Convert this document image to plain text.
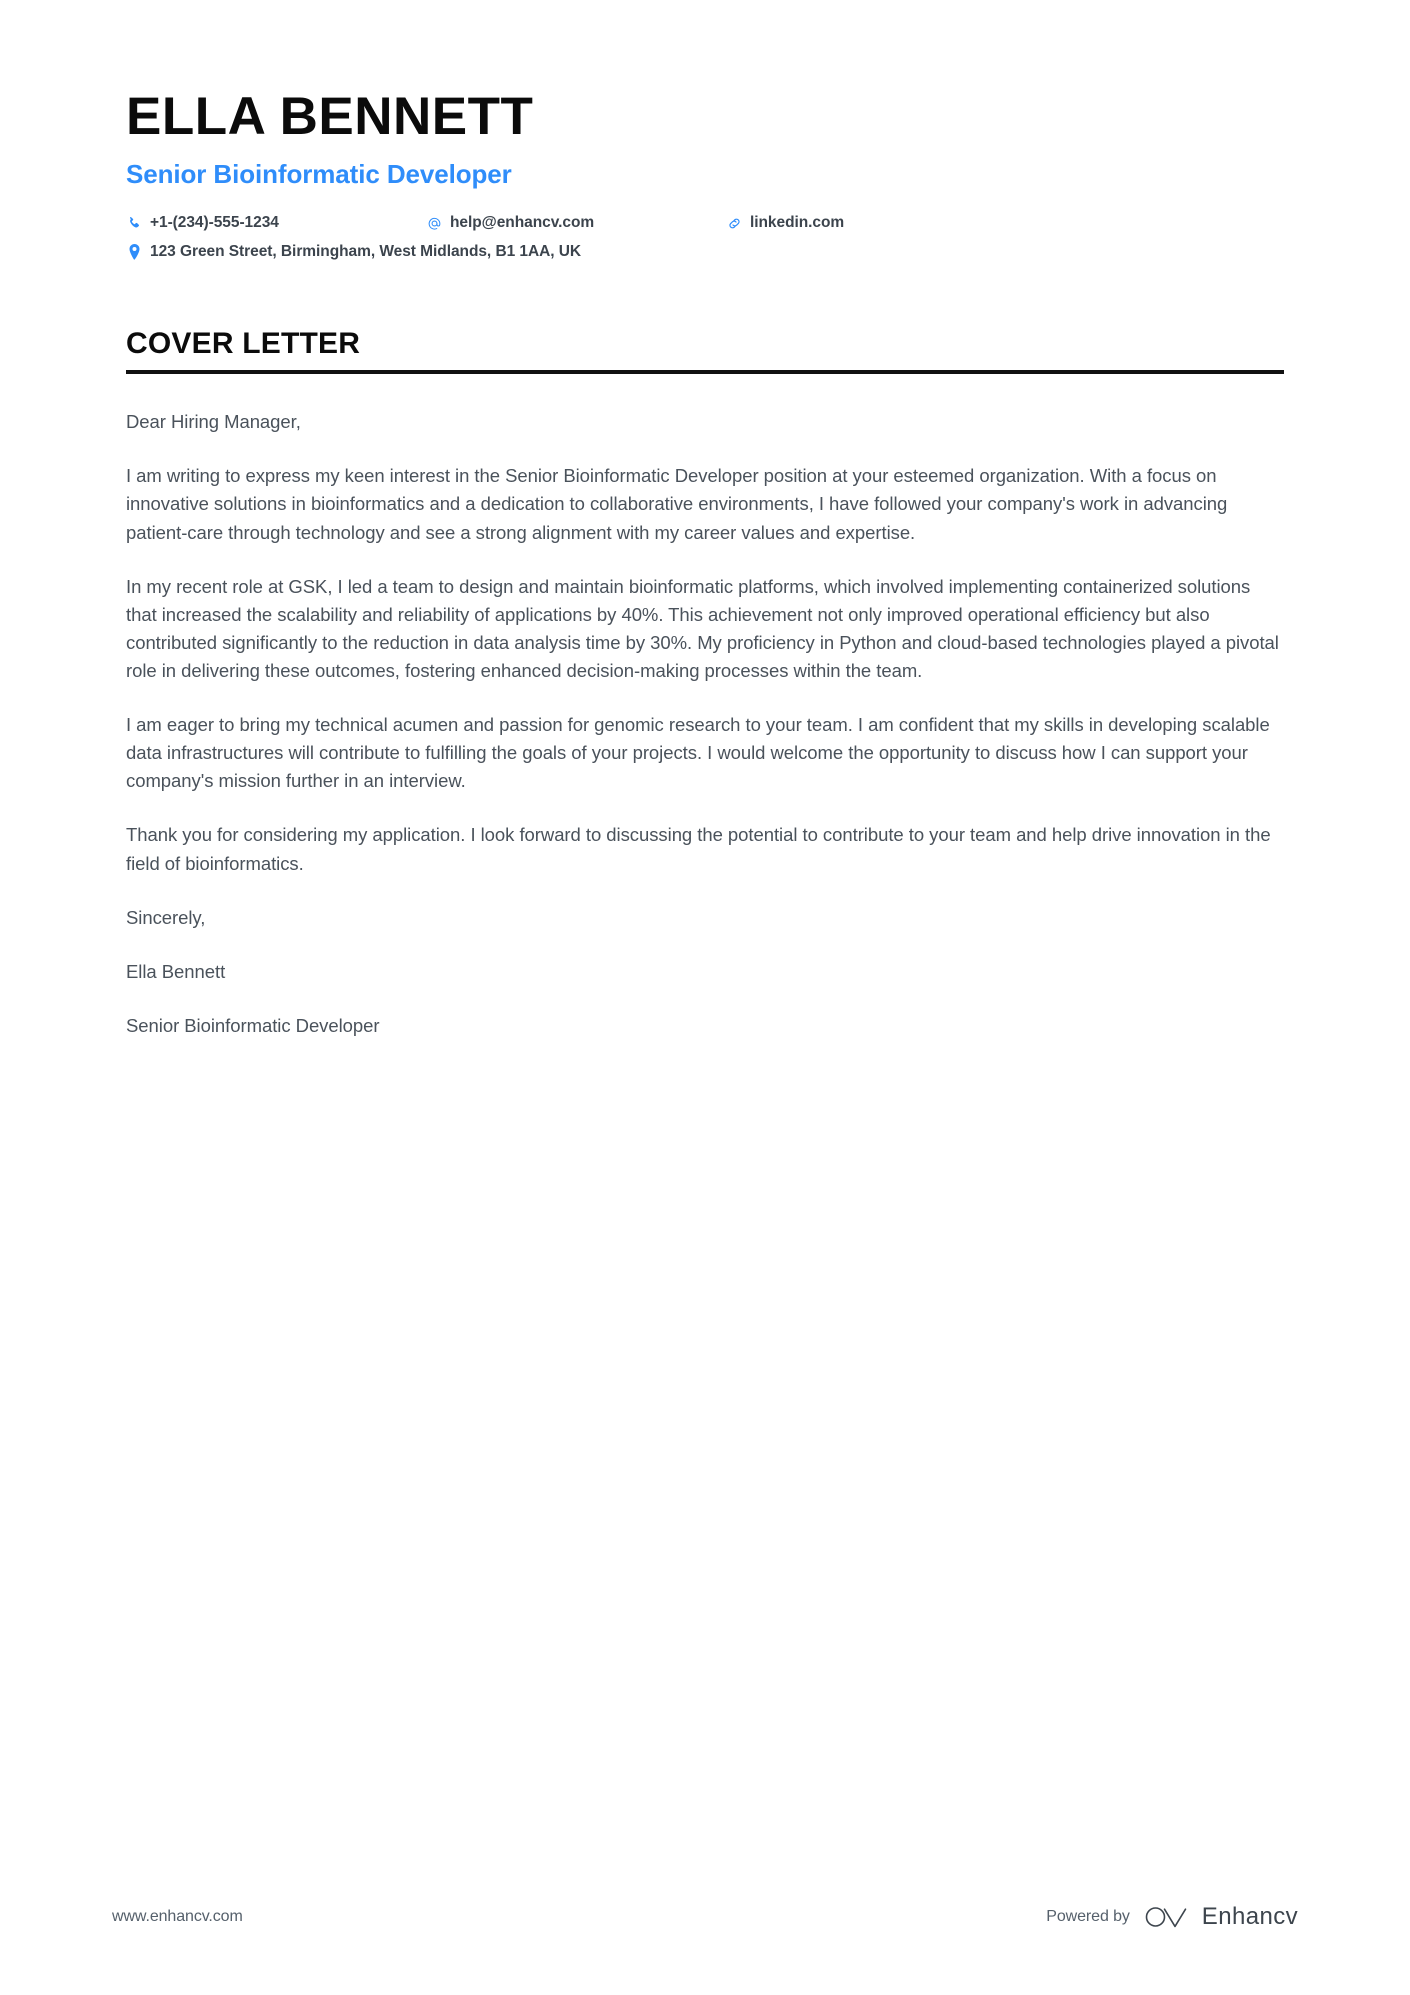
ELLA BENNETT
Senior Bioinformatic Developer
+1-(234)-555-1234	help@enhancv.com	linkedin.com
123 Green Street, Birmingham, West Midlands, B1 1AA, UK
COVER LETTER

Dear Hiring Manager,

I am writing to express my keen interest in the Senior Bioinformatic Developer position at your esteemed organization. With a focus on innovative solutions in bioinformatics and a dedication to collaborative environments, I have followed your company's work in advancing patient-care through technology and see a strong alignment with my career values and expertise.

In my recent role at GSK, I led a team to design and maintain bioinformatic platforms, which involved implementing containerized solutions that increased the scalability and reliability of applications by 40%. This achievement not only improved operational efficiency but also contributed significantly to the reduction in data analysis time by 30%. My proficiency in Python and cloud-based technologies played a pivotal role in delivering these outcomes, fostering enhanced decision-making processes within the team.

I am eager to bring my technical acumen and passion for genomic research to your team. I am confident that my skills in developing scalable data infrastructures will contribute to fulfilling the goals of your projects. I would welcome the opportunity to discuss how I can support your company's mission further in an interview.

Thank you for considering my application. I look forward to discussing the potential to contribute to your team and help drive innovation in the field of bioinformatics.

Sincerely,

Ella Bennett

Senior Bioinformatic Developer

www.enhancv.com	Powered by	Enhancv
